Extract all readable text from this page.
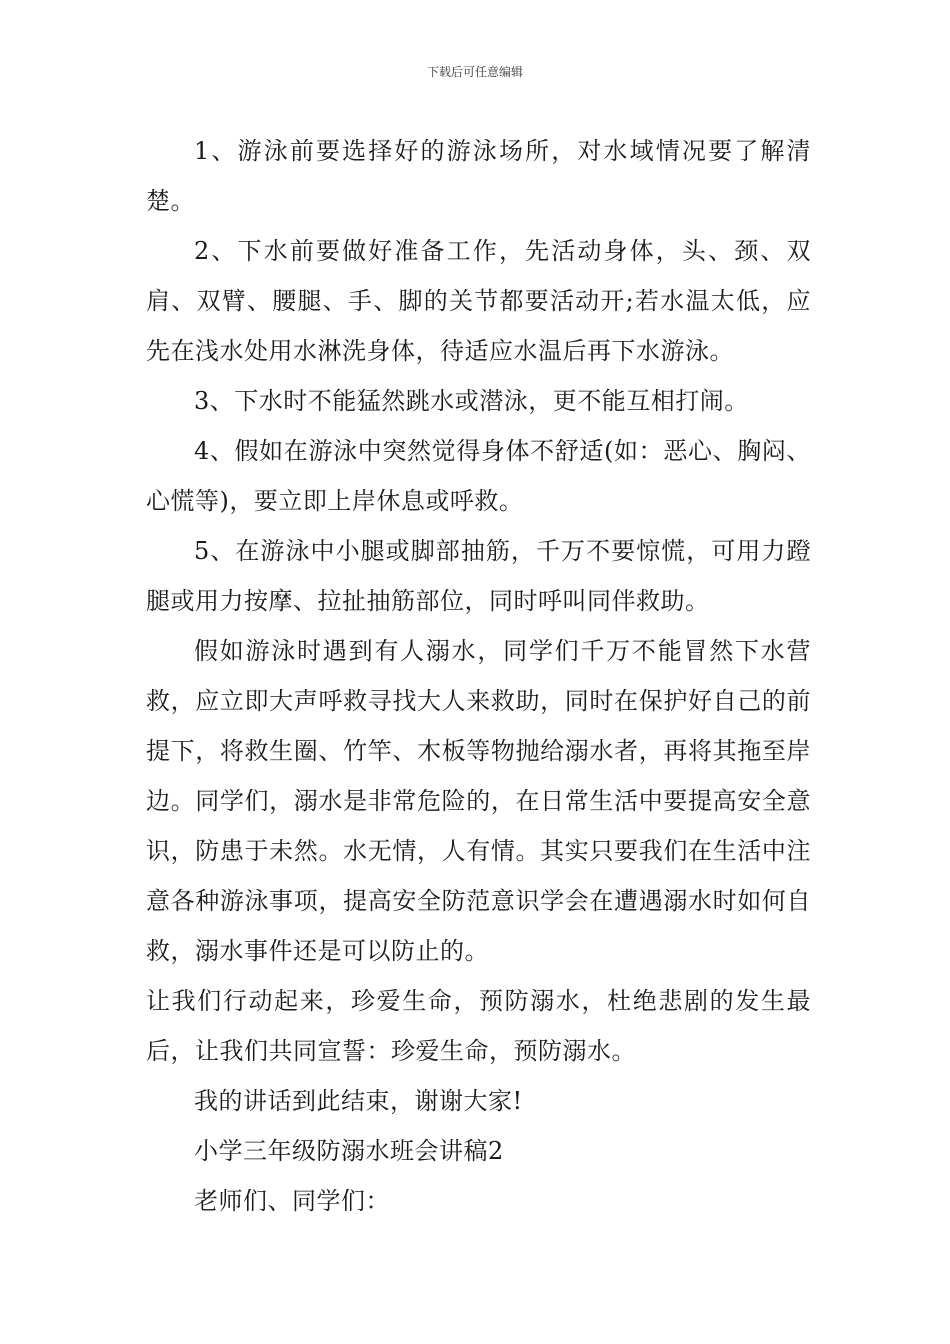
下载后可任意编辑

1、游泳前要选择好的游泳场所，对水域情况要了解清楚。

2、下水前要做好准备工作，先活动身体，头、颈、双肩、双臂、腰腿、手、脚的关节都要活动开;若水温太低，应先在浅水处用水淋洗身体，待适应水温后再下水游泳。

3、下水时不能猛然跳水或潜泳，更不能互相打闹。

4、假如在游泳中突然觉得身体不舒适(如：恶心、胸闷、心慌等)，要立即上岸休息或呼救。

5、在游泳中小腿或脚部抽筋，千万不要惊慌，可用力蹬腿或用力按摩、拉扯抽筋部位，同时呼叫同伴救助。

假如游泳时遇到有人溺水，同学们千万不能冒然下水营救，应立即大声呼救寻找大人来救助，同时在保护好自己的前提下，将救生圈、竹竿、木板等物抛给溺水者，再将其拖至岸边。同学们，溺水是非常危险的，在日常生活中要提高安全意识，防患于未然。水无情，人有情。其实只要我们在生活中注意各种游泳事项，提高安全防范意识学会在遭遇溺水时如何自救，溺水事件还是可以防止的。

让我们行动起来，珍爱生命，预防溺水，杜绝悲剧的发生最后，让我们共同宣誓：珍爱生命，预防溺水。

我的讲话到此结束，谢谢大家!

小学三年级防溺水班会讲稿2

老师们、同学们：
